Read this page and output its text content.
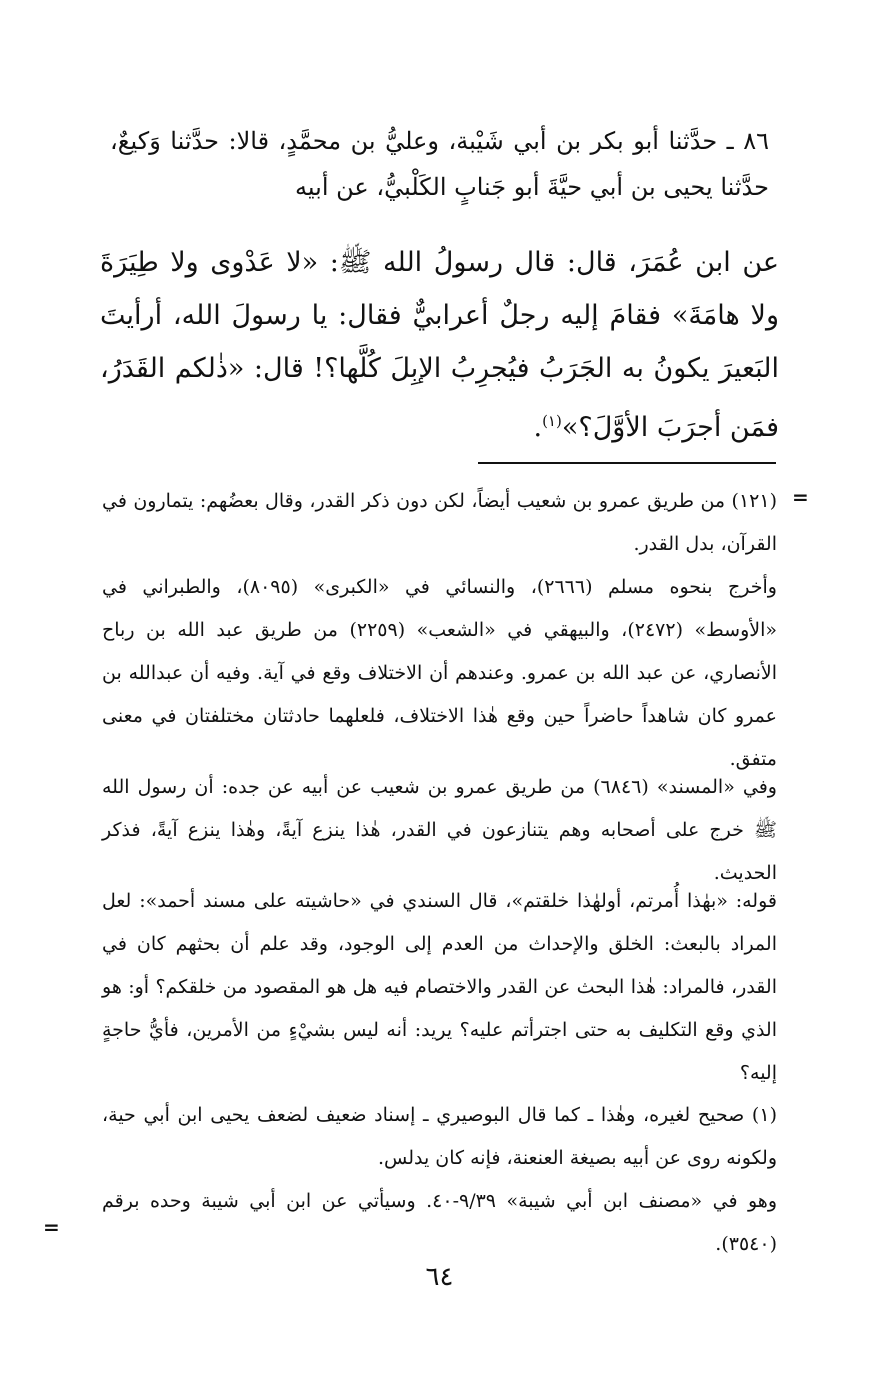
٨٦ ـ حدَّثنا أبو بكر بن أبي شَيْبة، وعليُّ بن محمَّدٍ، قالا: حدَّثنا وَكيعٌ، حدَّثنا يحيى بن أبي حيَّةَ أبو جَنابٍ الكَلْبيُّ، عن أبيه

عن ابن عُمَرَ، قال: قال رسولُ الله ﷺ: «لا عَدْوى ولا طِيَرَةَ ولا هامَةَ» فقامَ إليه رجلٌ أعرابيٌّ فقال: يا رسولَ الله، أرأيتَ البَعيرَ يكونُ به الجَرَبُ فيُجرِبُ الإبِلَ كُلَّها؟! قال: «ذٰلكم القَدَرُ، فمَن أجرَبَ الأوَّلَ؟»$^{(١)}$.

=

(١٢١) من طريق عمرو بن شعيب أيضاً، لكن دون ذكر القدر، وقال بعضُهم: يتمارون في القرآن، بدل القدر.

وأخرج بنحوه مسلم (٢٦٦٦)، والنسائي في «الكبرى» (٨٠٩٥)، والطبراني في «الأوسط» (٢٤٧٢)، والبيهقي في «الشعب» (٢٢٥٩) من طريق عبد الله بن رباح الأنصاري، عن عبد الله بن عمرو. وعندهم أن الاختلاف وقع في آية. وفيه أن عبدالله بن عمرو كان شاهداً حاضراً حين وقع هٰذا الاختلاف، فلعلهما حادثتان مختلفتان في معنى متفق.

وفي «المسند» (٦٨٤٦) من طريق عمرو بن شعيب عن أبيه عن جده: أن رسول الله ﷺ خرج على أصحابه وهم يتنازعون في القدر، هٰذا ينزع آيةً، وهٰذا ينزع آيةً، فذكر الحديث.

قوله: «بهٰذا أُمرتم، أولهٰذا خلقتم»، قال السندي في «حاشيته على مسند أحمد»: لعل المراد بالبعث: الخلق والإحداث من العدم إلى الوجود، وقد علم أن بحثهم كان في القدر، فالمراد: هٰذا البحث عن القدر والاختصام فيه هل هو المقصود من خلقكم؟ أو: هو الذي وقع التكليف به حتى اجترأتم عليه؟ يريد: أنه ليس بشيْءٍ من الأمرين، فأيُّ حاجةٍ إليه؟

(١) صحيح لغيره، وهٰذا ـ كما قال البوصيري ـ إسناد ضعيف لضعف يحيى ابن أبي حية، ولكونه روى عن أبيه بصيغة العنعنة، فإنه كان يدلس.

وهو في «مصنف ابن أبي شيبة» ٩/٣٩-٤٠. وسيأتي عن ابن أبي شيبة وحده برقم (٣٥٤٠).

=
٦٤
